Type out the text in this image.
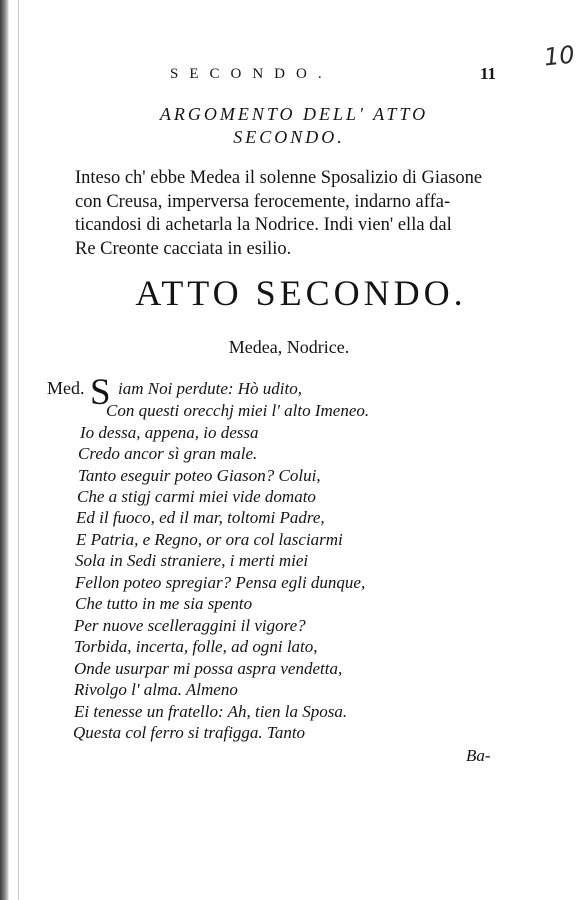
SECONDO.	11
10
ARGOMENTO DELL' ATTO
SECONDO.
Inteso ch' ebbe Medea il solenne Sposalizio di Giasone
con Creusa, imperversa ferocemente, indarno affa-
ticandosi di achetarla la Nodrice. Indi vien' ella dal
Re Creonte cacciata in esilio.
ATTO SECONDO.
Medea, Nodrice.
Med. S iam Noi perdute: Hò udito,
Con questi orecchj miei l' alto Imeneo.
Io dessa, appena, io dessa
Credo ancor sì gran male.
Tanto eseguir poteo Giason? Colui,
Che a stigj carmi miei vide domato
Ed il fuoco, ed il mar, toltomi Padre,
E Patria, e Regno, or ora col lasciarmi
Sola in Sedi straniere, i merti miei
Fellon poteo spregiar? Pensa egli dunque,
Che tutto in me sia spento
Per nuove scelleraggini il vigore?
Torbida, incerta, folle, ad ogni lato,
Onde usurpar mi possa aspra vendetta,
Rivolgo l' alma. Almeno
Ei tenesse un fratello: Ah, tien la Sposa.
Questa col ferro si trafigga. Tanto
Ba-
